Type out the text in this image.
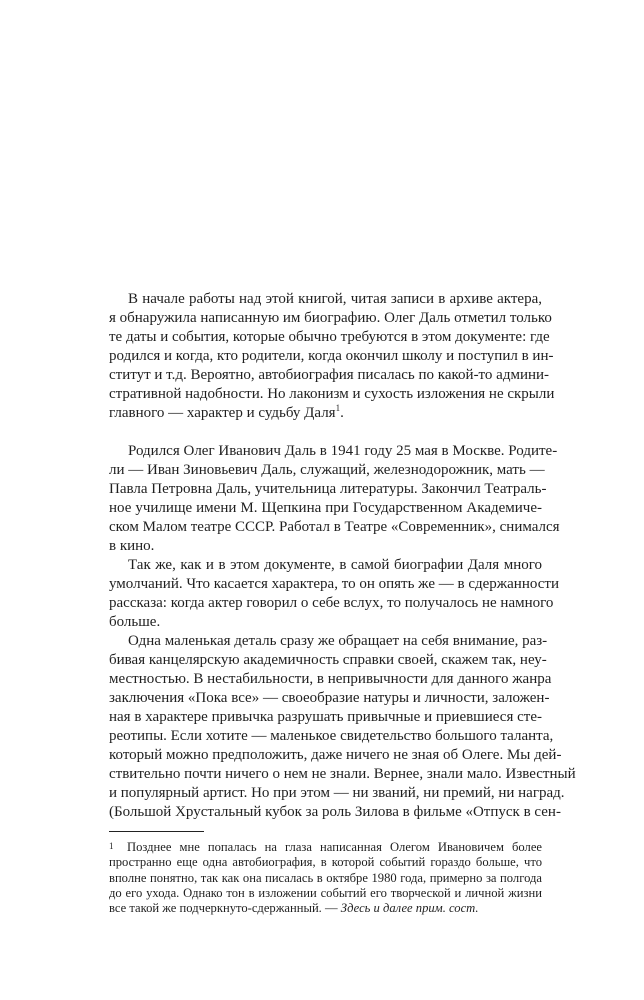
В начале работы над этой книгой, читая записи в архиве актера,
я обнаружила написанную им биографию. Олег Даль отметил только
те даты и события, которые обычно требуются в этом документе: где
родился и когда, кто родители, когда окончил школу и поступил в ин-
ститут и т.д. Вероятно, автобиография писалась по какой-то админи-
стративной надобности. Но лаконизм и сухость изложения не скрыли
главного — характер и судьбу Даля$^1$.
Родился Олег Иванович Даль в 1941 году 25 мая в Москве. Родите-
ли — Иван Зиновьевич Даль, служащий, железнодорожник, мать —
Павла Петровна Даль, учительница литературы. Закончил Театраль-
ное училище имени М. Щепкина при Государственном Академиче-
ском Малом театре СССР. Работал в Театре «Современник», снимался
в кино.
Так же, как и в этом документе, в самой биографии Даля много
умолчаний. Что касается характера, то он опять же — в сдержанности
рассказа: когда актер говорил о себе вслух, то получалось не намного
больше.
Одна маленькая деталь сразу же обращает на себя внимание, раз-
бивая канцелярскую академичность справки своей, скажем так, неу-
местностью. В нестабильности, в непривычности для данного жанра
заключения «Пока все» — своеобразие натуры и личности, заложен-
ная в характере привычка разрушать привычные и приевшиеся сте-
реотипы. Если хотите — маленькое свидетельство большого таланта,
который можно предположить, даже ничего не зная об Олеге. Мы дей-
ствительно почти ничего о нем не знали. Вернее, знали мало. Известный
и популярный артист. Но при этом — ни званий, ни премий, ни наград.
(Большой Хрустальный кубок за роль Зилова в фильме «Отпуск в сен-
1 Позднее мне попалась на глаза написанная Олегом Ивановичем более
пространно еще одна автобиография, в которой событий гораздо больше, что
вполне понятно, так как она писалась в октябре 1980 года, примерно за полгода
до его ухода. Однако тон в изложении событий его творческой и личной жизни
все такой же подчеркнуто-сдержанный. — Здесь и далее прим. сост.
